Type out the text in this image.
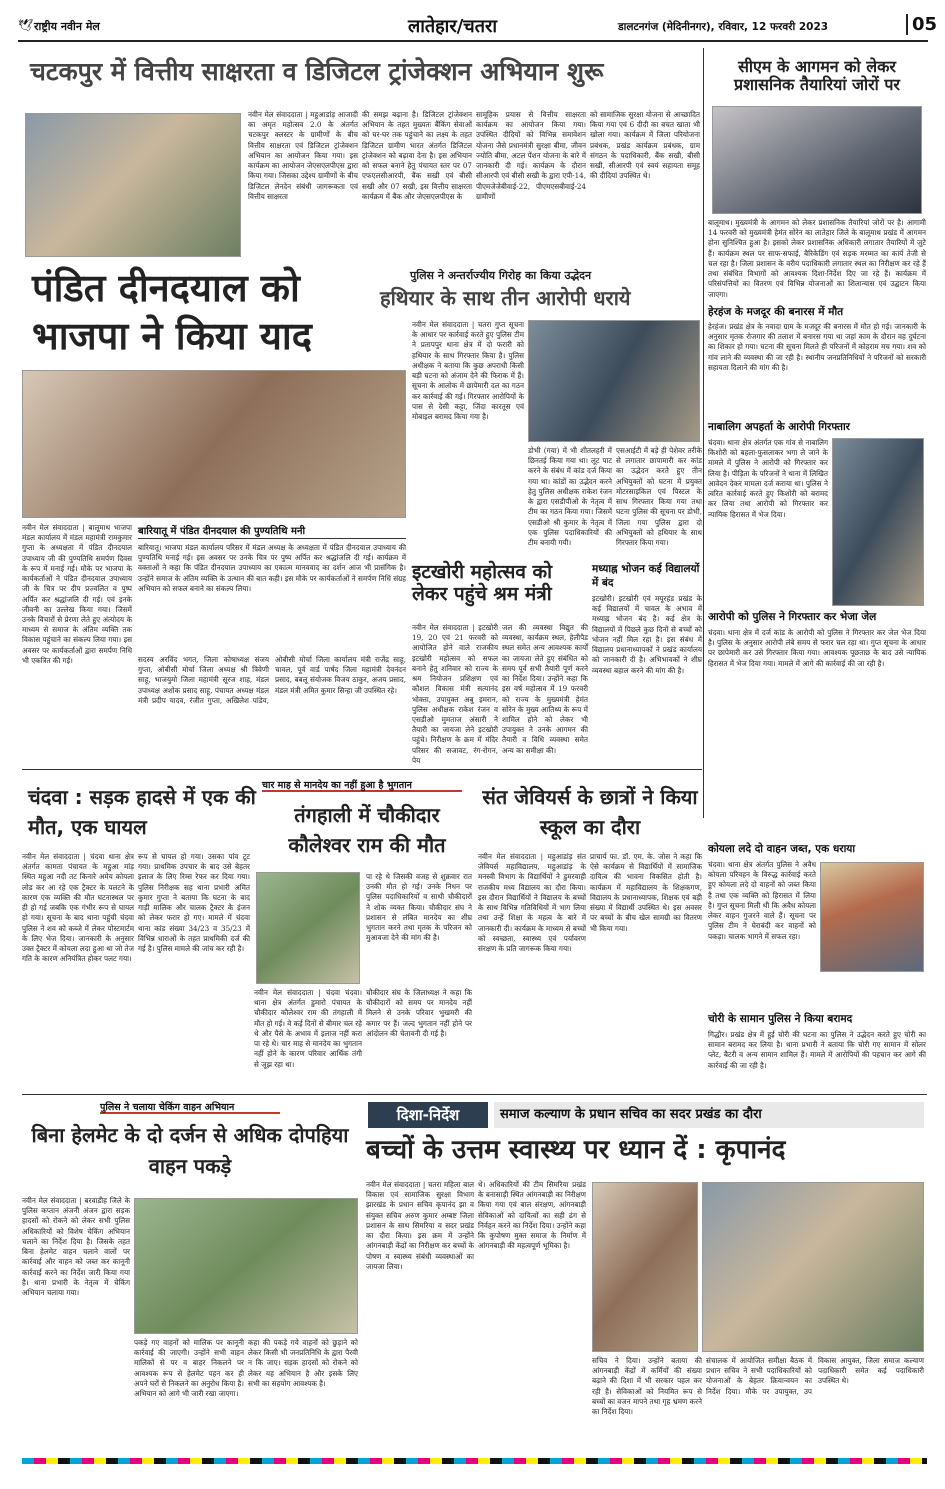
🕊 राष्ट्रीय नवीन मेल	लातेहार/चतरा	डालटनगंज (मेदिनीनगर), रविवार, 12 फरवरी 2023	05
चटकपुर में वित्तीय साक्षरता व डिजिटल ट्रांजेक्शन अभियान शुरू
नवीन मेल संवाददाता | महुआडांड़ आजादी का अमृत महोत्सव 2.0 के अंतर्गत चटकपुर क्लस्टर के ग्रामीणों के बीच वित्तीय साक्षरता एवं डिजिटल ट्रांजेक्शन अभियान का आयोजन किया गया। इस कार्यक्रम का आयोजन जेएसएलपीएस द्वारा किया गया। जिसका उद्देश्य ग्रामीणों के बीच डिजिटल लेनदेन संबंधी जागरूकता एवं वित्तीय साक्षरता
की समझ बढ़ाना है। डिजिटल ट्रांजेक्शन अभियान के तहत मुख्यतः बैंकिंग सेवाओं को घर-घर तक पहुंचाने का लक्ष्य के तहत डिजिटल ग्रामीण भारत अंतर्गत डिजिटल ट्रांजेक्शन को बढ़ावा देना है। इस अभियान को सफल बनाने हेतु पंचायत स्तर पर 07 एफएलसीआरपी, बैंक सखी एवं बीसी सखी और 07 सखी, इस वित्तीय साक्षरता कार्यक्रम में बैंक और जेएसएलपीएस के
सामूहिक प्रयास से वित्तीय साक्षरता कार्यक्रम का आयोजन किया गया। उपस्थित दीदियों को विभिन्न समावेशन योजना जैसे प्रधानमंत्री सुरक्षा बीमा, जीवन ज्योति बीमा, अटल पेंशन योजना के बारे में जानकारी दी गई। कार्यक्रम के दौरान सीआरपी एवं बीसी सखी के द्वारा एपी-14, पीएमजेजेबीवाई-22, पीएमएसबीवाई-24 ग्रामीणों
को सामाजिक सुरक्षा योजना से आच्छादित किया गया एवं 6 दीदी का बचत खाता भी खोला गया। कार्यक्रम में जिला परियोजना प्रबंधक, प्रखंड कार्यक्रम प्रबंधक, ग्राम संगठन के पदाधिकारी, बैंक सखी, बीसी सखी, सीआरपी एवं स्वयं सहायता समूह की दीदियां उपस्थित थे।
सीएम के आगमन को लेकर प्रशासनिक तैयारियां जोरों पर
बालूमाथ। मुख्यमंत्री के आगमन को लेकर प्रशासनिक तैयारियां जोरों पर है। आगामी 14 फरवरी को मुख्यमंत्री हेमंत सोरेन का लातेहार जिले के बालूमाथ प्रखंड में आगमन होना सुनिश्चित हुआ है। इसको लेकर प्रशासनिक अधिकारी लगातार तैयारियों में जुटे हैं। कार्यक्रम स्थल पर साफ-सफाई, बैरिकेडिंग एवं सड़क मरम्मत का कार्य तेजी से चल रहा है। जिला प्रशासन के वरीय पदाधिकारी लगातार स्थल का निरीक्षण कर रहे हैं तथा संबंधित विभागों को आवश्यक दिशा-निर्देश दिए जा रहे हैं। कार्यक्रम में परिसंपत्तियों का वितरण एवं विभिन्न योजनाओं का शिलान्यास एवं उद्घाटन किया जाएगा।
हेरहंज के मजदूर की बनारस में मौत
हेरहंज। प्रखंड क्षेत्र के नवादा ग्राम के मजदूर की बनारस में मौत हो गई। जानकारी के अनुसार मृतक रोजगार की तलाश में बनारस गया था जहां काम के दौरान वह दुर्घटना का शिकार हो गया। घटना की सूचना मिलते ही परिजनों में कोहराम मच गया। शव को गांव लाने की व्यवस्था की जा रही है। स्थानीय जनप्रतिनिधियों ने परिजनों को सरकारी सहायता दिलाने की मांग की है।
नाबालिग अपहर्ता के आरोपी गिरफ्तार
चंदवा। थाना क्षेत्र अंतर्गत एक गांव से नाबालिग किशोरी को बहला-फुसलाकर भगा ले जाने के मामले में पुलिस ने आरोपी को गिरफ्तार कर लिया है। पीड़िता के परिजनों ने थाना में लिखित आवेदन देकर मामला दर्ज कराया था। पुलिस ने त्वरित कार्रवाई करते हुए किशोरी को बरामद कर लिया तथा आरोपी को गिरफ्तार कर न्यायिक हिरासत में भेज दिया।
आरोपी को पुलिस ने गिरफ्तार कर भेजा जेल
चंदवा। थाना क्षेत्र में दर्ज कांड के आरोपी को पुलिस ने गिरफ्तार कर जेल भेज दिया है। पुलिस के अनुसार आरोपी लंबे समय से फरार चल रहा था। गुप्त सूचना के आधार पर छापेमारी कर उसे गिरफ्तार किया गया। आवश्यक पूछताछ के बाद उसे न्यायिक हिरासत में भेज दिया गया। मामले में आगे की कार्रवाई की जा रही है।
कोयला लदे दो वाहन जब्त, एक धराया
चंदवा। थाना क्षेत्र अंतर्गत पुलिस ने अवैध कोयला परिवहन के विरुद्ध कार्रवाई करते हुए कोयला लदे दो वाहनों को जब्त किया है तथा एक व्यक्ति को हिरासत में लिया है। गुप्त सूचना मिली थी कि अवैध कोयला लेकर वाहन गुजरने वाले हैं। सूचना पर पुलिस टीम ने घेराबंदी कर वाहनों को पकड़ा। चालक भागने में सफल रहा।
चोरी के सामान पुलिस ने किया बरामद
गिद्धौर। प्रखंड क्षेत्र में हुई चोरी की घटना का पुलिस ने उद्भेदन करते हुए चोरी का सामान बरामद कर लिया है। थाना प्रभारी ने बताया कि चोरी गए सामान में सोलर प्लेट, बैटरी व अन्य सामान शामिल हैं। मामले में आरोपियों की पहचान कर आगे की कार्रवाई की जा रही है।
पंडित दीनदयाल को भाजपा ने किया याद
नवीन मेल संवाददाता | बालूमाथ भाजपा मंडल कार्यालय में मंडल महामंत्री रामकुमार गुप्ता के अध्यक्षता में पंडित दीनदयाल उपाध्याय जी की पुण्यतिथि समर्पण दिवस के रूप में मनाई गई। मौके पर भाजपा के कार्यकर्ताओं ने पंडित दीनदयाल उपाध्याय जी के चित्र पर दीप प्रज्वलित व पुष्प अर्पित कर श्रद्धांजलि दी गई। एवं इनके जीवनी का उल्लेख किया गया। जिसमें उनके विचारों से प्रेरणा लेते हुए अंत्योदय के माध्यम से समाज के अंतिम व्यक्ति तक विकास पहुंचाने का संकल्प लिया गया। इस अवसर पर कार्यकर्ताओं द्वारा समर्पण निधि भी एकत्रित की गई।
बारियातू में पंडित दीनदयाल की पुण्यतिथि मनी
बारियातू। भाजपा मंडल कार्यालय परिसर में मंडल अध्यक्ष के अध्यक्षता में पंडित दीनदयाल उपाध्याय की पुण्यतिथि मनाई गई। इस अवसर पर उनके चित्र पर पुष्प अर्पित कर श्रद्धांजलि दी गई। कार्यक्रम में वक्ताओं ने कहा कि पंडित दीनदयाल उपाध्याय का एकात्म मानववाद का दर्शन आज भी प्रासंगिक है। उन्होंने समाज के अंतिम व्यक्ति के उत्थान की बात कही। इस मौके पर कार्यकर्ताओं ने समर्पण निधि संग्रह अभियान को सफल बनाने का संकल्प लिया।
सदस्य अरविंद भगत, जिला कोषाध्यक्ष संजय गुप्ता, ओबीसी मोर्चा जिला अध्यक्ष श्री त्रिवेणी साहू, भाजयुमो जिला महामंत्री सूरज शाह, मंडल उपाध्यक्ष अशोक प्रसाद साहू, पंचायत अध्यक्ष मंडल मंत्री प्रदीप यादव, रंजीत गुप्ता, अखिलेश पांडेय, ओबीसी मोर्चा जिला कार्यालय मंत्री राजेंद्र साहू, चावल, पूर्व वार्ड पार्षद जिला महामंत्री देवनंदन प्रसाद, बबलू संयोजक विजय ठाकुर, अजय प्रसाद, मंडल मंत्री अमित कुमार सिन्हा जी उपस्थित रहे।
पुलिस ने अन्तर्राज्यीय गिरोह का किया उद्भेदन
हथियार के साथ तीन आरोपी धराये
नवीन मेल संवाददाता | चतरा गुप्त सूचना के आधार पर कार्रवाई करते हुए पुलिस टीम ने प्रतापपुर थाना क्षेत्र में दो फरारी को हथियार के साथ गिरफ्तार किया है। पुलिस अधीक्षक ने बताया कि कुछ अपराधी किसी बड़ी घटना को अंजाम देने की फिराक में हैं। सूचना के आलोक में छापेमारी दल का गठन कर कार्रवाई की गई। गिरफ्तार आरोपियों के पास से देसी कट्टा, जिंदा कारतूस एवं मोबाइल बरामद किया गया है।
डोभी (गया) में भी शीतलहरी में छिनतई किया गया था। लूट पाट करने के संबंध में कांड दर्ज किया गया था। कांडों का उद्भेदन करने हेतु पुलिस अधीक्षक राकेश रंजन के द्वारा एसडीपीओ के नेतृत्व में टीम का गठन किया गया। जिसमें एसडीओ श्री कुमार के नेतृत्व में एक पुलिस पदाधिकारियों की टीम बनायी गयी।
एसआईटी में बड़े ही पेशेवर तरीके से लगातार छापामारी कर कांड का उद्भेदन करते हुए तीन अभियुक्तों को घटना में प्रयुक्त मोटरसाइकिल एवं पिस्टल के साथ गिरफ्तार किया गया तथा घटना पुलिस की सूचना पर डोभी, जिला गया पुलिस द्वारा दो अभियुक्तों को हथियार के साथ गिरफ्तार किया गया।
इटखोरी महोत्सव को लेकर पहुंचे श्रम मंत्री
नवीन मेल संवाददाता | इटखोरी 19, 20 एवं 21 फरवरी को आयोजित होने वाले राजकीय इटखोरी महोत्सव को सफल बनाने हेतु शनिवार को राज्य के श्रम नियोजन प्रशिक्षण एवं कौशल विकास मंत्री सत्यानंद भोक्ता, उपायुक्त अबु इमरान, पुलिस अधीक्षक राकेश रंजन व एसडीओ मुमताज अंसारी ने तैयारी का जायजा लेने इटखोरी पहुंचे। निरीक्षण के क्रम में मंदिर परिसर की सजावट, रंग-रोगन, पेय
जल की व्यवस्था विद्युत की व्यवस्था, कार्यक्रम स्थल, हेलीपैड स्थल समेत अन्य आवश्यक कार्यों का जायजा लेते हुए संबंधित को समय पूर्व सभी तैयारी पूर्ण करने का निर्देश दिया। उन्होंने कहा कि इस वर्ष महोत्सव में 19 फरवरी को राज्य के मुख्यमंत्री हेमंत सोरेन के मुख्य आतिथ्य के रूप में शामिल होने को लेकर भी उपायुक्त ने उनके आगमन की तैयारी व विधि व्यवस्था समेत अन्य का समीक्षा की।
मध्याह्न भोजन कई विद्यालयों में बंद
इटखोरी। इटखोरी एवं मयूरहंड प्रखंड के कई विद्यालयों में चावल के अभाव में मध्याह्न भोजन बंद है। कई क्षेत्र के विद्यालयों में पिछले कुछ दिनों से बच्चों को भोजन नहीं मिल रहा है। इस संबंध में विद्यालय प्रधानाध्यापकों ने प्रखंड कार्यालय को जानकारी दी है। अभिभावकों ने शीघ्र व्यवस्था बहाल करने की मांग की है।
चंदवा : सड़क हादसे में एक की मौत, एक घायल
नवीन मेल संवाददाता | चंदवा थाना क्षेत्र अंतर्गत कामता पंचायत के महुआ मांड़ स्थित महुआ नदी तट किनारे अमेय कोयला लोड कर आ रहे एक ट्रैक्टर के पलटने के कारण एक व्यक्ति की मौत घटनास्थल पर ही हो गई जबकि एक गंभीर रूप से घायल हो गया। सूचना के बाद थाना पहुंची चंदवा पुलिस ने शव को कब्जे में लेकर पोस्टमार्टम के लिए भेज दिया। जानकारी के अनुसार उक्त ट्रैक्टर में कोयला लदा हुआ था जो तेज गति के कारण अनियंत्रित होकर पलट गया।
रूप से घायल हो गया। उसका पांव टूट गया। प्राथमिक उपचार के बाद उसे बेहतर इलाज के लिए रिम्स रेफर कर दिया गया। पुलिस निरीक्षक सह थाना प्रभारी अमित कुमार गुप्ता ने बताया कि घटना के बाद गाड़ी मालिक और चालक ट्रैक्टर के इंजन को लेकर फरार हो गए। मामले में चंदवा थाना कांड संख्या 34/23 व 35/23 में विभिन्न धाराओं के तहत प्राथमिकी दर्ज की गई है। पुलिस मामले की जांच कर रही है।
चार माह से मानदेय का नहीं हुआ है भुगतान
तंगहाली में चौकीदार कौलेश्वर राम की मौत
नवीन मेल संवाददाता | चंदवा चंदवा। थाना क्षेत्र अंतर्गत डुमारो पंचायत के चौकीदार कौलेश्वर राम की तंगहाली में मौत हो गई। वे कई दिनों से बीमार चल रहे थे और पैसे के अभाव में इलाज नहीं करा पा रहे थे। चार माह से मानदेय का भुगतान नहीं होने के कारण परिवार आर्थिक तंगी से जूझ रहा था।
पा रहे थे जिसकी वजह से शुक्रवार रात उनकी मौत हो गई। उनके निधन पर पुलिस पदाधिकारियों व साथी चौकीदारों ने शोक व्यक्त किया। चौकीदार संघ ने प्रशासन से लंबित मानदेय का शीघ्र भुगतान करने तथा मृतक के परिजन को मुआवजा देने की मांग की है।
चौकीदार संघ के जिलाध्यक्ष ने कहा कि चौकीदारों को समय पर मानदेय नहीं मिलने से उनके परिवार भुखमरी की कगार पर हैं। जल्द भुगतान नहीं होने पर आंदोलन की चेतावनी दी गई है।
संत जेवियर्स के छात्रों ने किया स्कूल का दौरा
नवीन मेल संवाददाता | महुआडांड़ संत जेवियर्स महाविद्यालय, महुआडांड़ के मनस्वी विभाग के विद्यार्थियों ने डुमरवाही राजकीय मध्य विद्यालय का दौरा किया। इस दौरान विद्यार्थियों ने विद्यालय के बच्चों के साथ विभिन्न गतिविधियों में भाग लिया तथा उन्हें शिक्षा के महत्व के बारे में जानकारी दी। कार्यक्रम के माध्यम से बच्चों को स्वच्छता, स्वास्थ्य एवं पर्यावरण संरक्षण के प्रति जागरूक किया गया।
प्राचार्य फा. डॉ. एम. के. जोस ने कहा कि ऐसे कार्यक्रम से विद्यार्थियों में सामाजिक दायित्व की भावना विकसित होती है। कार्यक्रम में महाविद्यालय के शिक्षकगण, विद्यालय के प्रधानाध्यापक, शिक्षक एवं बड़ी संख्या में विद्यार्थी उपस्थित थे। इस अवसर पर बच्चों के बीच खेल सामग्री का वितरण भी किया गया।
पुलिस ने चलाया चेकिंग वाहन अभियान
बिना हेलमेट के दो दर्जन से अधिक दोपहिया वाहन पकड़े
नवीन मेल संवाददाता | बरवाडीह जिले के पुलिस कप्तान अंजनी अंजन द्वारा सड़क हादसों को रोकने को लेकर सभी पुलिस अधिकारियों को विशेष चेकिंग अभियान चलाने का निर्देश दिया है। जिसके तहत बिना हेलमेट वाहन चलाने वालों पर कार्रवाई और वाहन को जब्त कर कानूनी कार्रवाई करने का निर्देश जारी किया गया है। थाना प्रभारी के नेतृत्व में चेकिंग अभियान चलाया गया।
पकड़े गए वाहनों को मालिक पर कानूनी कार्रवाई की जाएगी। उन्होंने सभी वाहन मालिकों से पर व बाहर निकलने पर आवश्यक रूप से हेलमेट पहन कर ही अपने घरों से निकलने का अनुरोध किया है। अभियान को आगे भी जारी रखा जाएगा।
कहा की पकड़े गये वाहनों को छुड़ाने को लेकर किसी भी जनप्रतिनिधि के द्वारा पैरवी न कि जाए। सड़क हादसों को रोकने को लेकर यह अभियान है और इसके लिए सभी का सहयोग आवश्यक है।
दिशा-निर्देश	समाज कल्याण के प्रधान सचिव का सदर प्रखंड का दौरा
बच्चों के उत्तम स्वास्थ्य पर ध्यान दें : कृपानंद
नवीन मेल संवाददाता | चतरा महिला बाल विकास एवं सामाजिक सुरक्षा विभाग झारखंड के प्रधान सचिव कृपानंद झा व संयुक्त सचिव अरुण कुमार अम्बष्ट जिला प्रशासन के साथ सिमरिया व सदर प्रखंड का दौरा किया। इस क्रम में उन्होंने आंगनबाड़ी केंद्रों का निरीक्षण कर बच्चों के पोषण व स्वास्थ्य संबंधी व्यवस्थाओं का जायजा लिया।
थे। अधिकारियों की टीम सिमरिया प्रखंड के बनासाड़ी स्थित आंगनबाड़ी का निरीक्षण किया गया एवं बाल संरक्षण, आंगनबाड़ी सेविकाओं को दायित्वों का सही ढंग से निर्वहन करने का निर्देश दिया। उन्होंने कहा कि कुपोषण मुक्त समाज के निर्माण में आंगनबाड़ी की महत्वपूर्ण भूमिका है।
सचिव ने दिया। उन्होंने बताया की आंगनबाड़ी केंद्रों में कर्मियों की संख्या बढ़ाने की दिशा में भी सरकार पहल कर रही है। सेविकाओं को नियमित रूप से बच्चों का वजन मापने तथा गृह भ्रमण करने का निर्देश दिया।
संचालक में आयोजित समीक्षा बैठक में प्रधान सचिव ने सभी पदाधिकारियों को योजनाओं के बेहतर क्रियान्वयन का निर्देश दिया। मौके पर उपायुक्त, उप विकास आयुक्त, जिला समाज कल्याण पदाधिकारी समेत कई पदाधिकारी उपस्थित थे।
